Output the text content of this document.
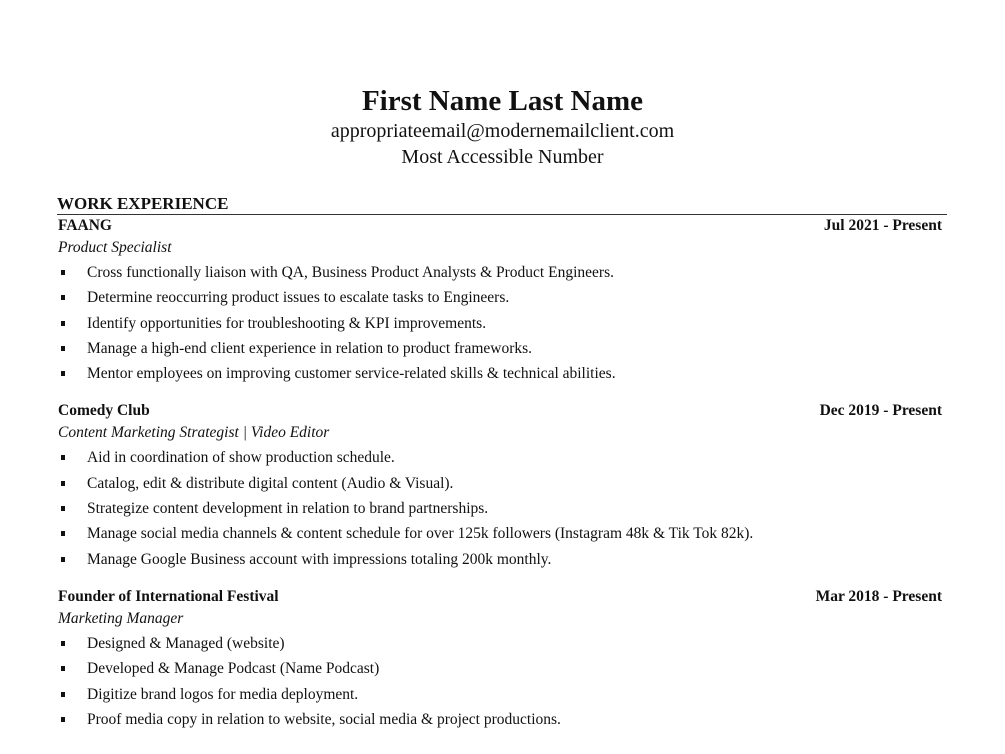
First Name Last Name
appropriateemail@modernemailclient.com
Most Accessible Number
WORK EXPERIENCE
FAANG	Jul 2021 - Present
Product Specialist
Cross functionally liaison with QA, Business Product Analysts & Product Engineers.
Determine reoccurring product issues to escalate tasks to Engineers.
Identify opportunities for troubleshooting & KPI improvements.
Manage a high-end client experience in relation to product frameworks.
Mentor employees on improving customer service-related skills & technical abilities.
Comedy Club	Dec 2019 - Present
Content Marketing Strategist | Video Editor
Aid in coordination of show production schedule.
Catalog, edit & distribute digital content (Audio & Visual).
Strategize content development in relation to brand partnerships.
Manage social media channels & content schedule for over 125k followers (Instagram 48k & Tik Tok 82k).
Manage Google Business account with impressions totaling 200k monthly.
Founder of International Festival	Mar 2018 - Present
Marketing Manager
Designed & Managed (website)
Developed & Manage Podcast (Name Podcast)
Digitize brand logos for media deployment.
Proof media copy in relation to website, social media & project productions.
